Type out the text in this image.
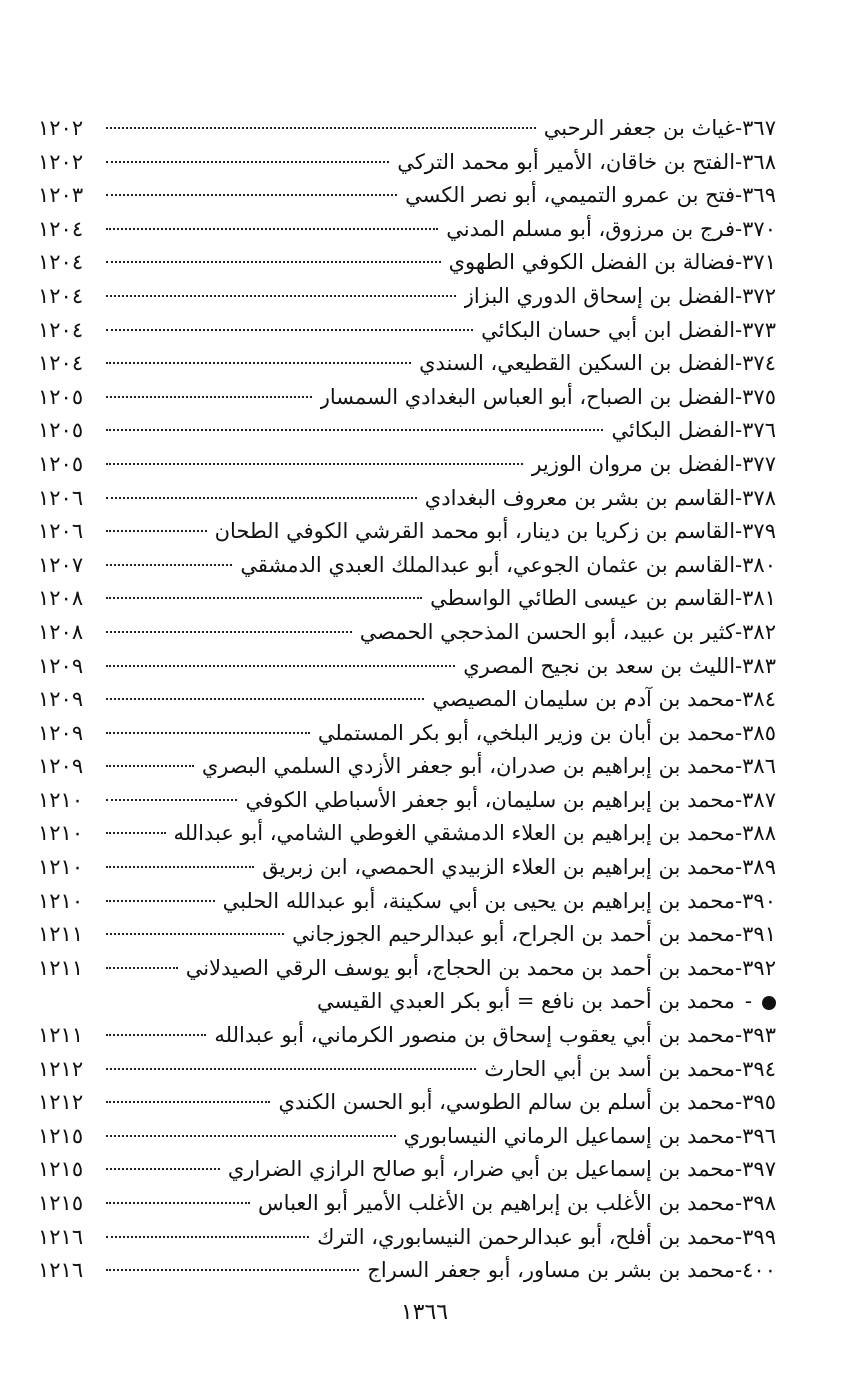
٣٦٧-
غياث بن جعفر الرحبي
١٢٠٢
٣٦٨-
الفتح بن خاقان، الأمير أبو محمد التركي
١٢٠٢
٣٦٩-
فتح بن عمرو التميمي، أبو نصر الكسي
١٢٠٣
٣٧٠-
فرج بن مرزوق، أبو مسلم المدني
١٢٠٤
٣٧١-
فضالة بن الفضل الكوفي الطهوي
١٢٠٤
٣٧٢-
الفضل بن إسحاق الدوري البزاز
١٢٠٤
٣٧٣-
الفضل ابن أبي حسان البكائي
١٢٠٤
٣٧٤-
الفضل بن السكين القطيعي، السندي
١٢٠٤
٣٧٥-
الفضل بن الصباح، أبو العباس البغدادي السمسار
١٢٠٥
٣٧٦-
الفضل البكائي
١٢٠٥
٣٧٧-
الفضل بن مروان الوزير
١٢٠٥
٣٧٨-
القاسم بن بشر بن معروف البغدادي
١٢٠٦
٣٧٩-
القاسم بن زكريا بن دينار، أبو محمد القرشي الكوفي الطحان
١٢٠٦
٣٨٠-
القاسم بن عثمان الجوعي، أبو عبدالملك العبدي الدمشقي
١٢٠٧
٣٨١-
القاسم بن عيسى الطائي الواسطي
١٢٠٨
٣٨٢-
كثير بن عبيد، أبو الحسن المذحجي الحمصي
١٢٠٨
٣٨٣-
الليث بن سعد بن نجيح المصري
١٢٠٩
٣٨٤-
محمد بن آدم بن سليمان المصيصي
١٢٠٩
٣٨٥-
محمد بن أبان بن وزير البلخي، أبو بكر المستملي
١٢٠٩
٣٨٦-
محمد بن إبراهيم بن صدران، أبو جعفر الأزدي السلمي البصري
١٢٠٩
٣٨٧-
محمد بن إبراهيم بن سليمان، أبو جعفر الأسباطي الكوفي
١٢١٠
٣٨٨-
محمد بن إبراهيم بن العلاء الدمشقي الغوطي الشامي، أبو عبدالله
١٢١٠
٣٨٩-
محمد بن إبراهيم بن العلاء الزبيدي الحمصي، ابن زبريق
١٢١٠
٣٩٠-
محمد بن إبراهيم بن يحيى بن أبي سكينة، أبو عبدالله الحلبي
١٢١٠
٣٩١-
محمد بن أحمد بن الجراح، أبو عبدالرحيم الجوزجاني
١٢١١
٣٩٢-
محمد بن أحمد بن محمد بن الحجاج، أبو يوسف الرقي الصيدلاني
١٢١١
-
محمد بن أحمد بن نافع = أبو بكر العبدي القيسي
٣٩٣-
محمد بن أبي يعقوب إسحاق بن منصور الكرماني، أبو عبدالله
١٢١١
٣٩٤-
محمد بن أسد بن أبي الحارث
١٢١٢
٣٩٥-
محمد بن أسلم بن سالم الطوسي، أبو الحسن الكندي
١٢١٢
٣٩٦-
محمد بن إسماعيل الرماني النيسابوري
١٢١٥
٣٩٧-
محمد بن إسماعيل بن أبي ضرار، أبو صالح الرازي الضراري
١٢١٥
٣٩٨-
محمد بن الأغلب بن إبراهيم بن الأغلب الأمير أبو العباس
١٢١٥
٣٩٩-
محمد بن أفلح، أبو عبدالرحمن النيسابوري، الترك
١٢١٦
٤٠٠-
محمد بن بشر بن مساور، أبو جعفر السراج
١٢١٦
١٣٦٦
